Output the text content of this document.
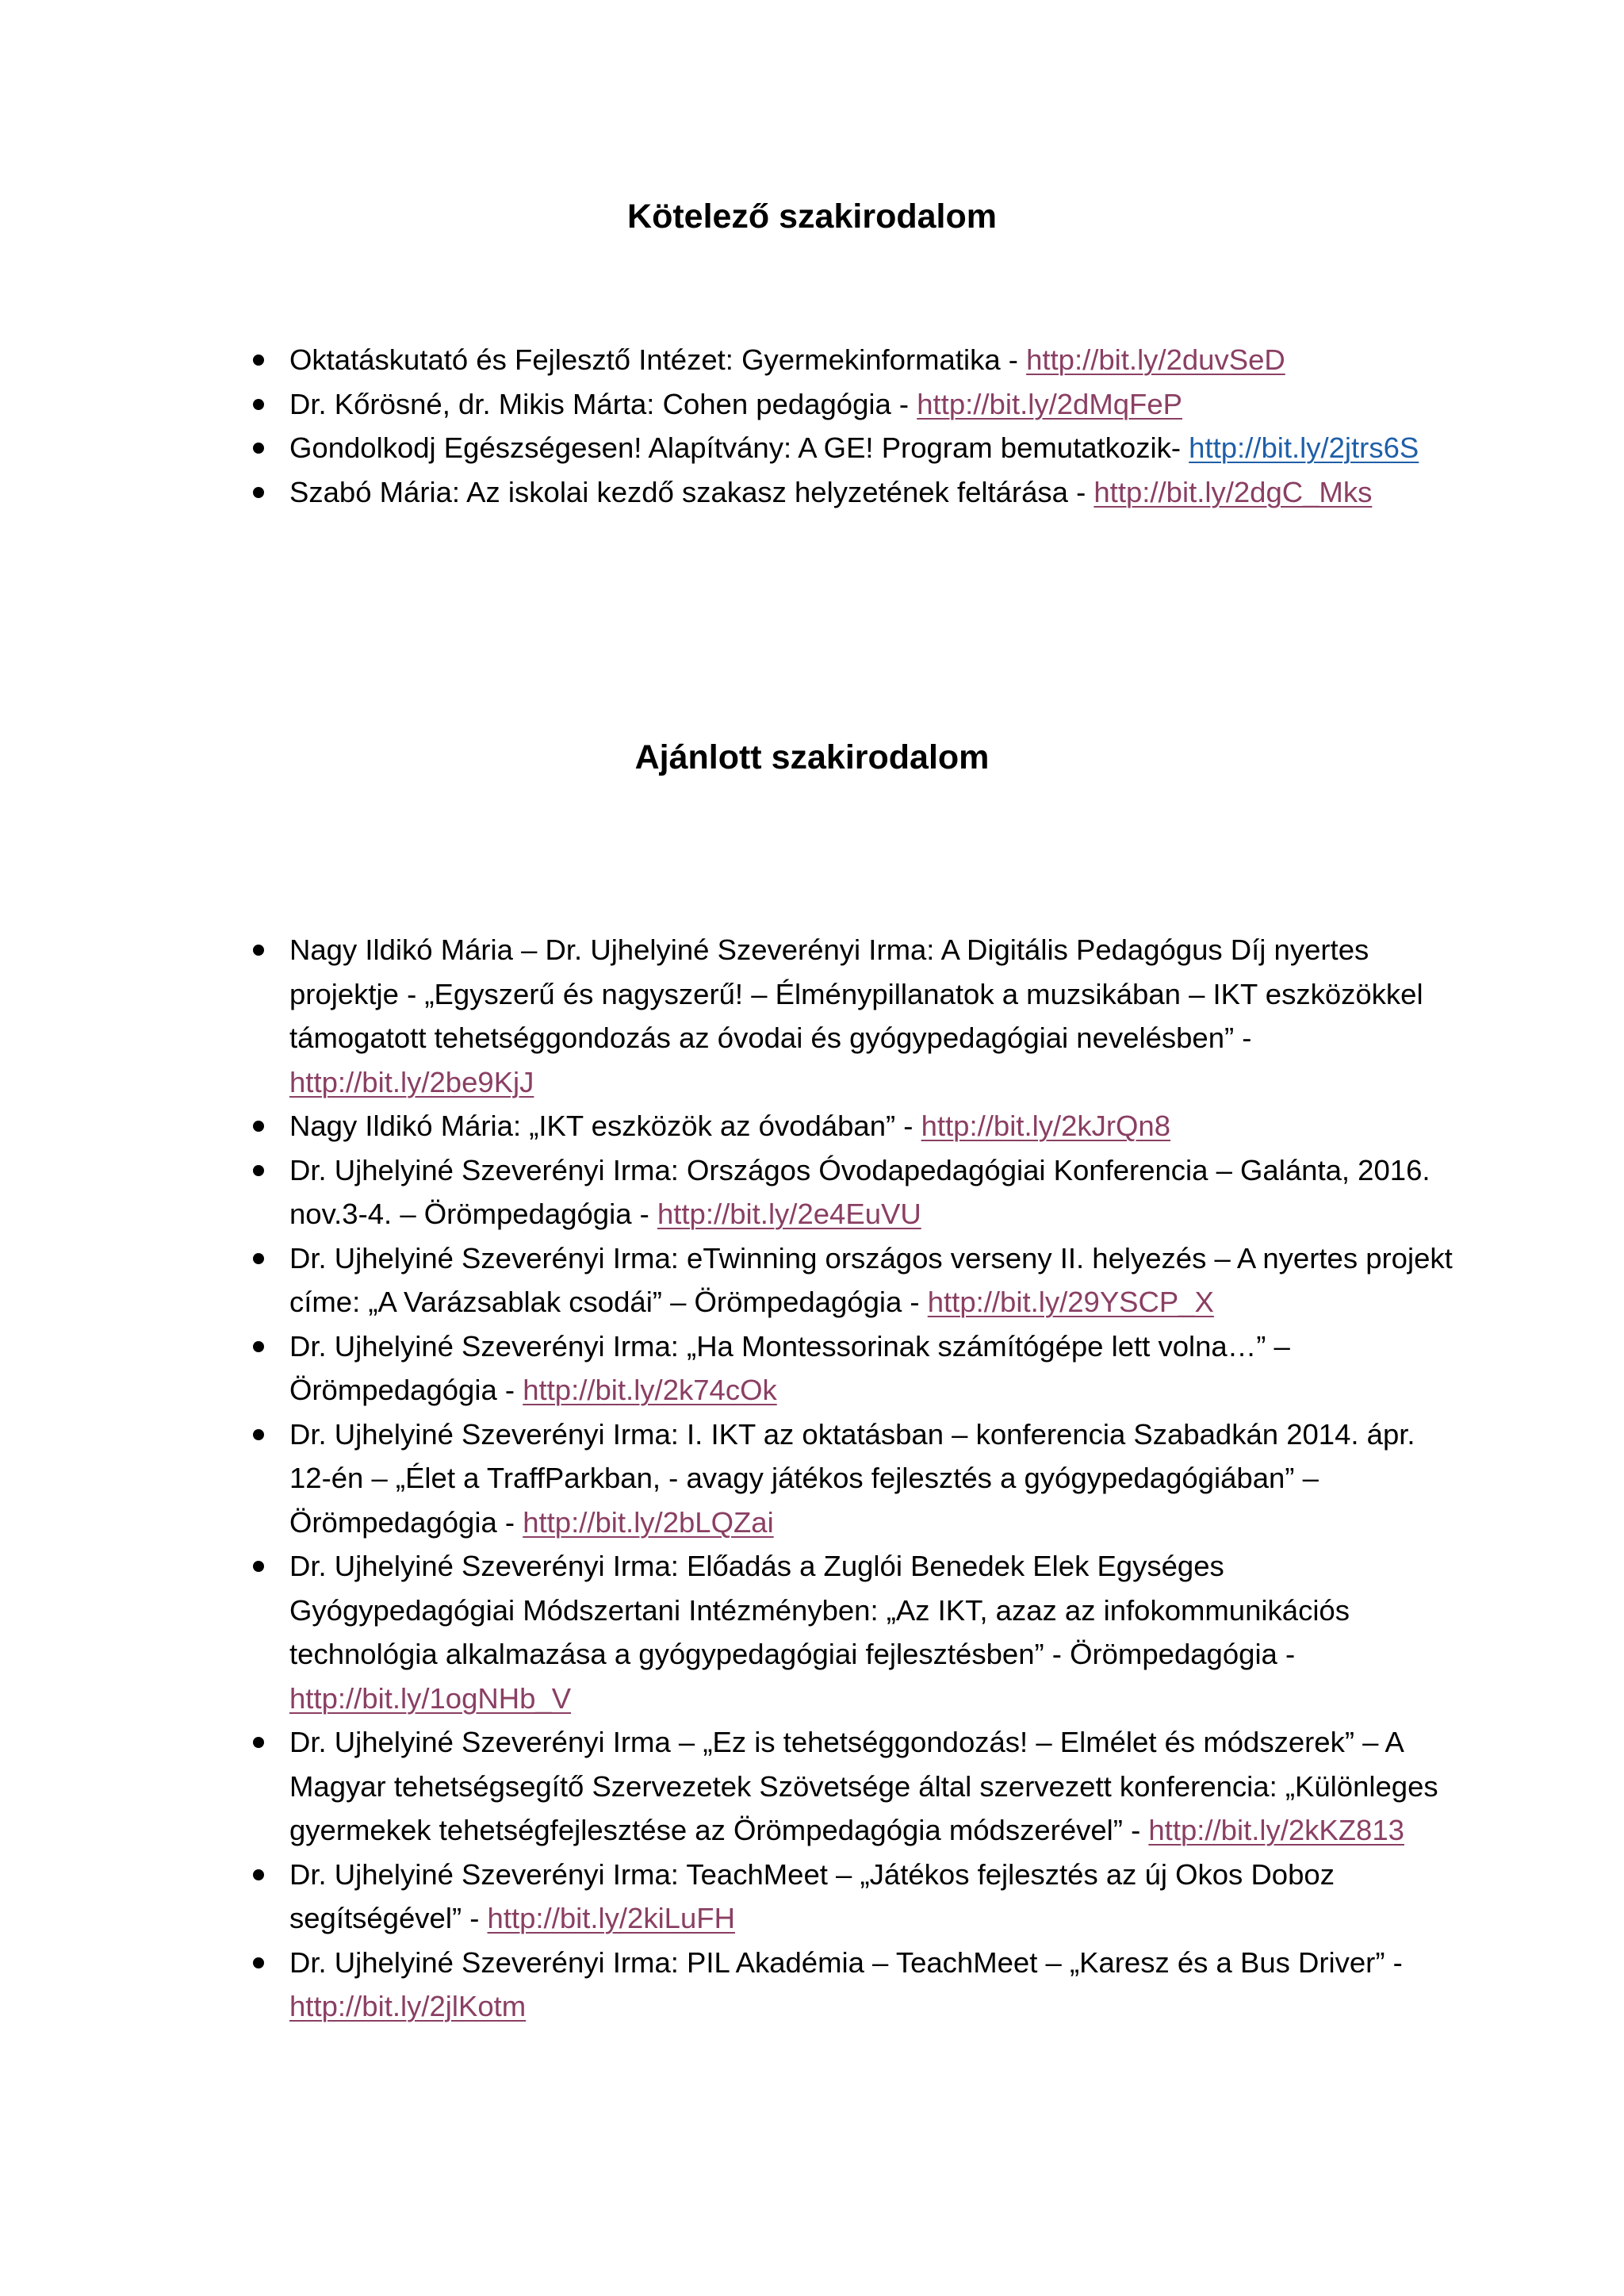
Kötelező szakirodalom
Oktatáskutató és Fejlesztő Intézet: Gyermekinformatika - http://bit.ly/2duvSeD
Dr. Kőrösné, dr. Mikis Márta: Cohen pedagógia - http://bit.ly/2dMqFeP
Gondolkodj Egészségesen! Alapítvány: A GE! Program bemutatkozik- http://bit.ly/2jtrs6S
Szabó Mária: Az iskolai kezdő szakasz helyzetének feltárása - http://bit.ly/2dgC_Mks
Ajánlott szakirodalom
Nagy Ildikó Mária – Dr. Ujhelyiné Szeverényi Irma: A Digitális Pedagógus Díj nyertes projektje - „Egyszerű és nagyszerű! – Élménypillanatok a muzsikában – IKT eszközökkel támogatott tehetséggondozás az óvodai és gyógypedagógiai nevelésben” - http://bit.ly/2be9KjJ
Nagy Ildikó Mária: „IKT eszközök az óvodában” - http://bit.ly/2kJrQn8
Dr. Ujhelyiné Szeverényi Irma: Országos Óvodapedagógiai Konferencia – Galánta, 2016. nov.3-4. – Örömpedagógia - http://bit.ly/2e4EuVU
Dr. Ujhelyiné Szeverényi Irma: eTwinning országos verseny II. helyezés – A nyertes projekt címe: „A Varázsablak csodái” – Örömpedagógia - http://bit.ly/29YSCP_X
Dr. Ujhelyiné Szeverényi Irma: „Ha Montessorinak számítógépe lett volna…” – Örömpedagógia - http://bit.ly/2k74cOk
Dr. Ujhelyiné Szeverényi Irma: I. IKT az oktatásban – konferencia Szabadkán 2014. ápr. 12-én – „Élet a TraffParkban, - avagy játékos fejlesztés a gyógypedagógiában” – Örömpedagógia - http://bit.ly/2bLQZai
Dr. Ujhelyiné Szeverényi Irma: Előadás a Zuglói Benedek Elek Egységes Gyógypedagógiai Módszertani Intézményben: „Az IKT, azaz az infokommunikációs technológia alkalmazása a gyógypedagógiai fejlesztésben” - Örömpedagógia - http://bit.ly/1ogNHb_V
Dr. Ujhelyiné Szeverényi Irma – „Ez is tehetséggondozás! – Elmélet és módszerek” – A Magyar tehetségsegítő Szervezetek Szövetsége által szervezett konferencia: „Különleges gyermekek tehetségfejlesztése az Örömpedagógia módszerével” - http://bit.ly/2kKZ813
Dr. Ujhelyiné Szeverényi Irma: TeachMeet – „Játékos fejlesztés az új Okos Doboz segítségével” - http://bit.ly/2kiLuFH
Dr. Ujhelyiné Szeverényi Irma: PIL Akadémia – TeachMeet – „Karesz és a Bus Driver” - http://bit.ly/2jlKotm
